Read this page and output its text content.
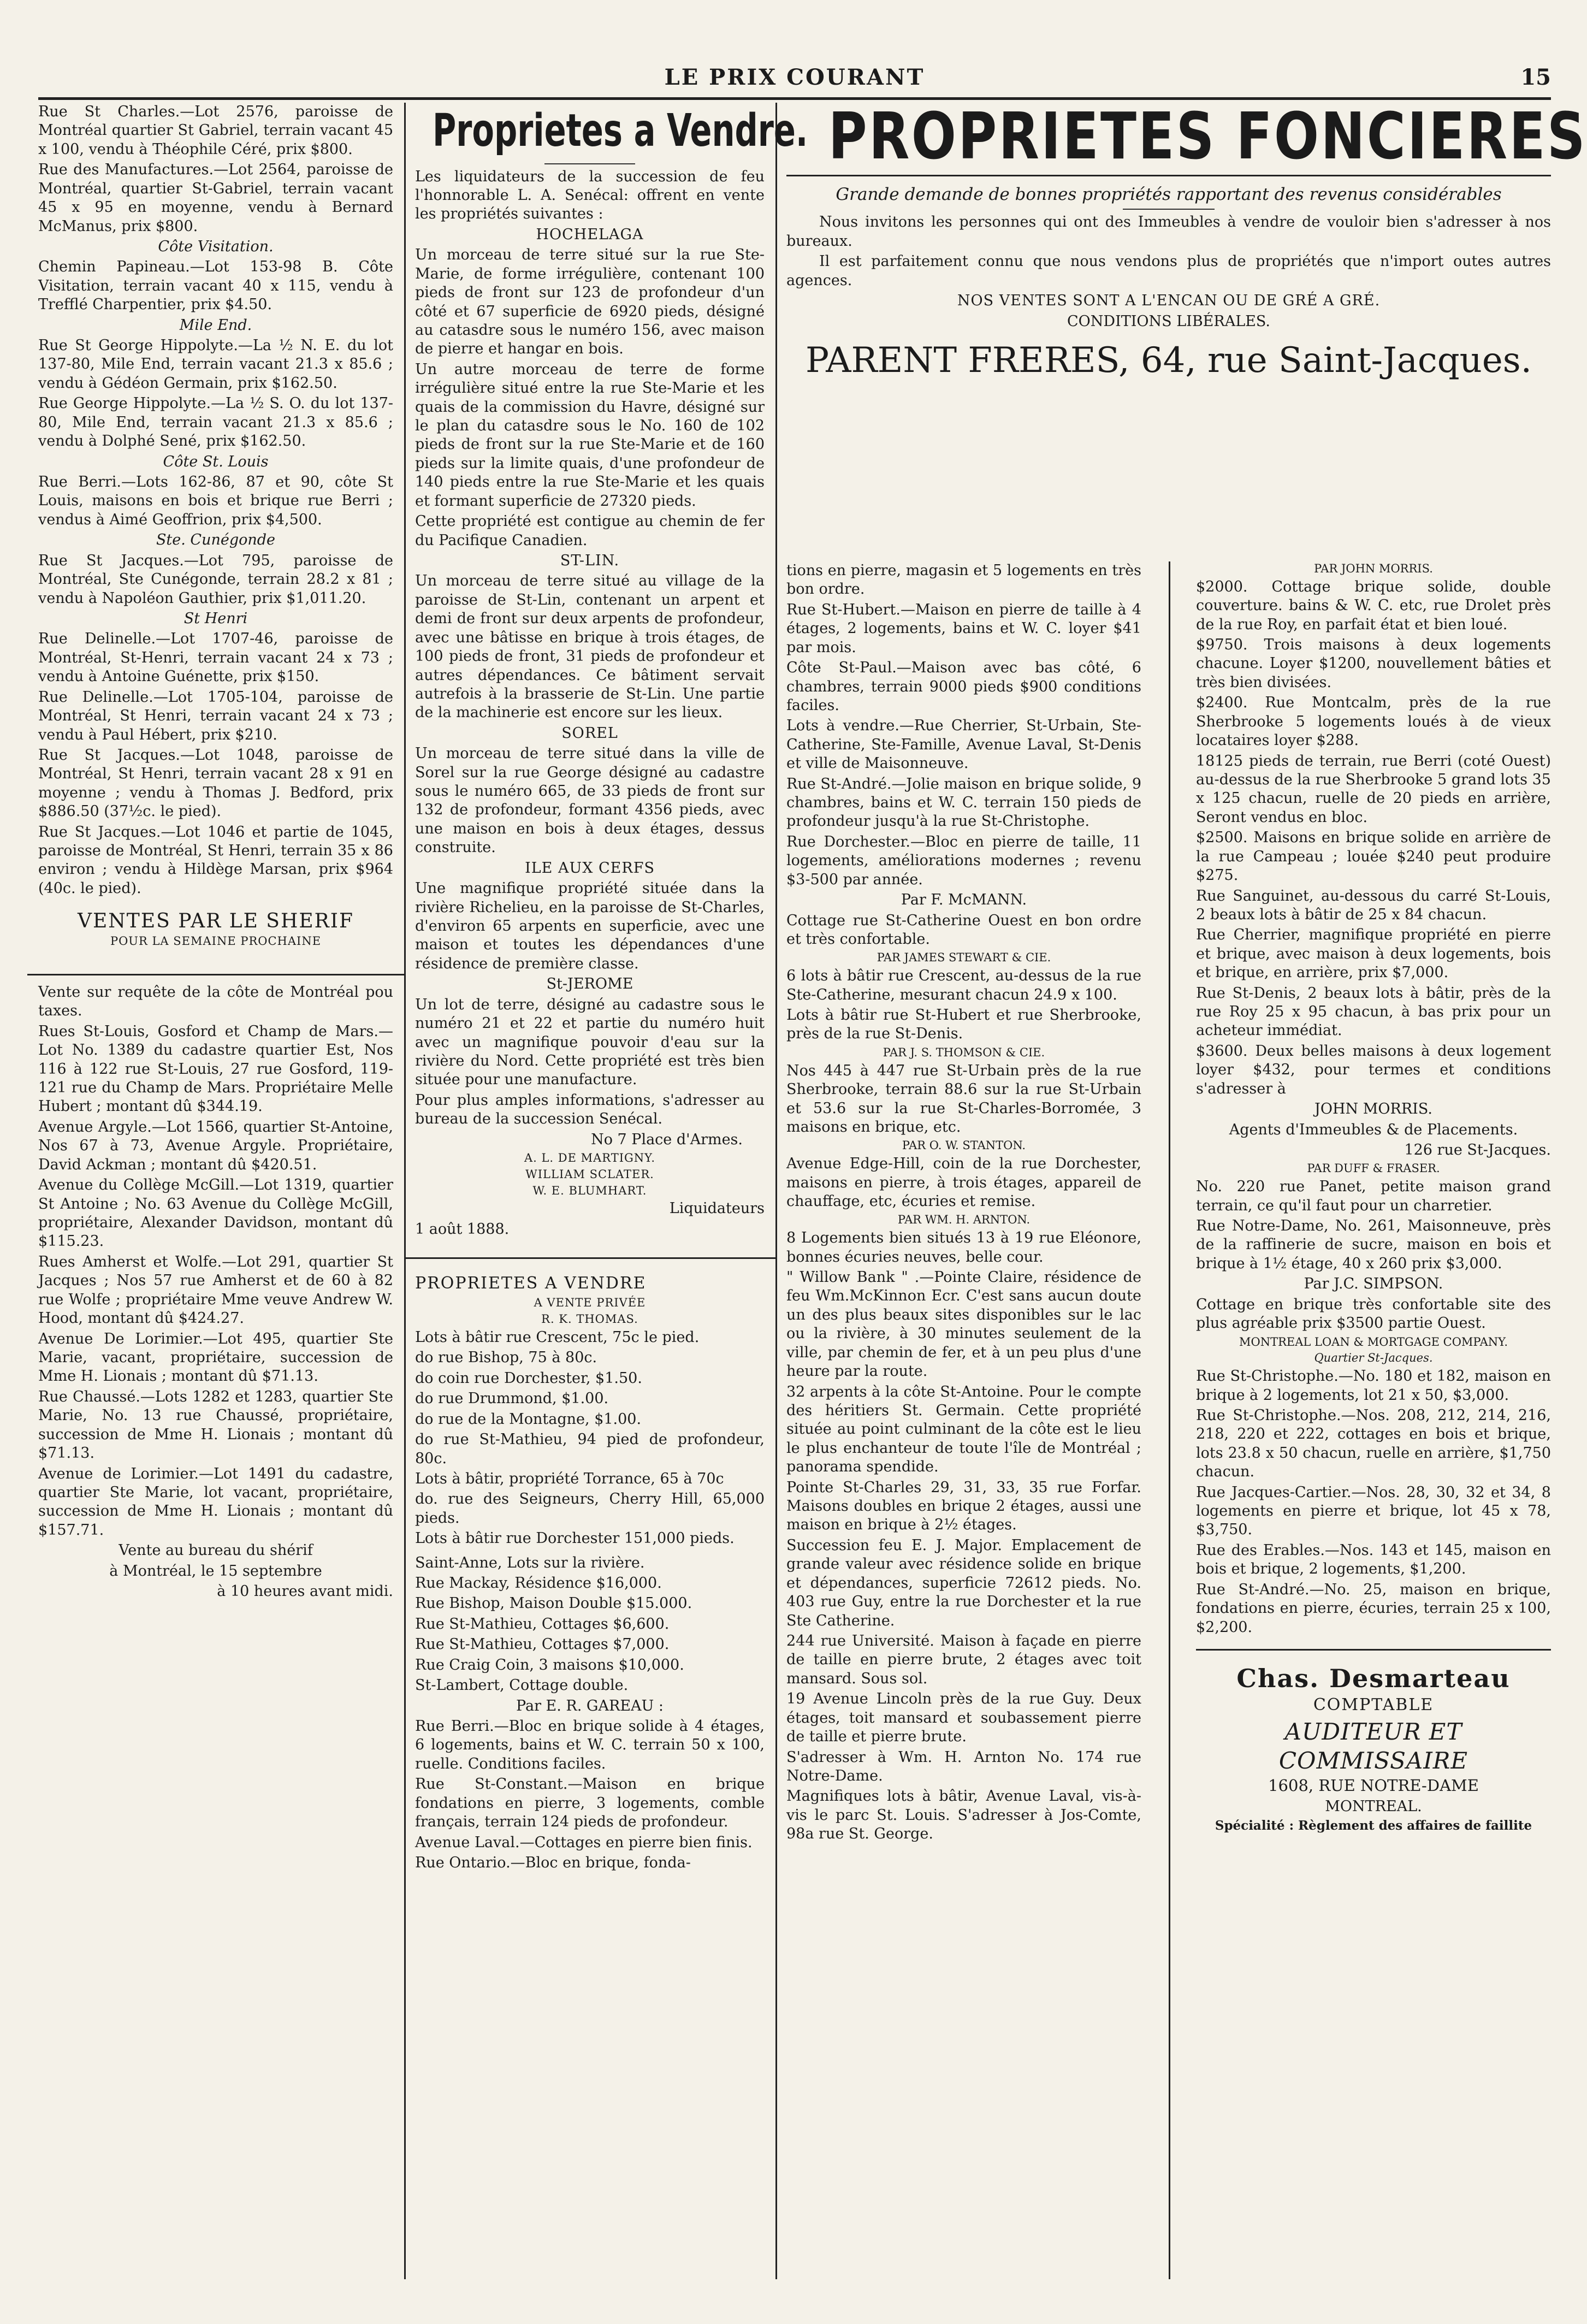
LE PRIX COURANT	15

Rue St Charles.—Lot 2576, paroisse de Montréal quartier St Gabriel, terrain vacant 45 x 100, vendu à Théophile Céré, prix $800.

Rue des Manufactures.—Lot 2564, paroisse de Montréal, quartier St-Gabriel, terrain vacant 45 x 95 en moyenne, vendu à Bernard McManus, prix $800.

Côte Visitation.

Chemin Papineau.—Lot 153-98 B. Côte Visitation, terrain vacant 40 x 115, vendu à Trefflé Charpentier, prix $4.50.

Mile End.

Rue St George Hippolyte.—La ½ N. E. du lot 137-80, Mile End, terrain vacant 21.3 x 85.6 ; vendu à Gédéon Germain, prix $162.50.

Rue George Hippolyte.—La ½ S. O. du lot 137-80, Mile End, terrain vacant 21.3 x 85.6 ; vendu à Dolphé Sené, prix $162.50.

Côte St. Louis

Rue Berri.—Lots 162-86, 87 et 90, côte St Louis, maisons en bois et brique rue Berri ; vendus à Aimé Geoffrion, prix $4,500.

Ste. Cunégonde

Rue St Jacques.—Lot 795, paroisse de Montréal, Ste Cunégonde, terrain 28.2 x 81 ; vendu à Napoléon Gauthier, prix $1,011.20.

St Henri

Rue Delinelle.—Lot 1707-46, paroisse de Montréal, St-Henri, terrain vacant 24 x 73 ; vendu à Antoine Guénette, prix $150.

Rue Delinelle.—Lot 1705-104, paroisse de Montréal, St Henri, terrain vacant 24 x 73 ; vendu à Paul Hébert, prix $210.

Rue St Jacques.—Lot 1048, paroisse de Montréal, St Henri, terrain vacant 28 x 91 en moyenne ; vendu à Thomas J. Bedford, prix $886.50 (37½c. le pied).

Rue St Jacques.—Lot 1046 et partie de 1045, paroisse de Montréal, St Henri, terrain 35 x 86 environ ; vendu à Hildège Marsan, prix $964 (40c. le pied).

VENTES PAR LE SHERIF

POUR LA SEMAINE PROCHAINE

Vente sur requête de la côte de Montréal pou taxes.

Rues St-Louis, Gosford et Champ de Mars.—Lot No. 1389 du cadastre quartier Est, Nos 116 à 122 rue St-Louis, 27 rue Gosford, 119-121 rue du Champ de Mars. Propriétaire Melle Hubert ; montant dû $344.19.

Avenue Argyle.—Lot 1566, quartier St-Antoine, Nos 67 à 73, Avenue Argyle. Propriétaire, David Ackman ; montant dû $420.51.

Avenue du Collège McGill.—Lot 1319, quartier St Antoine ; No. 63 Avenue du Collège McGill, propriétaire, Alexander Davidson, montant dû $115.23.

Rues Amherst et Wolfe.—Lot 291, quartier St Jacques ; Nos 57 rue Amherst et de 60 à 82 rue Wolfe ; propriétaire Mme veuve Andrew W. Hood, montant dû $424.27.

Avenue De Lorimier.—Lot 495, quartier Ste Marie, vacant, propriétaire, succession de Mme H. Lionais ; montant dû $71.13.

Rue Chaussé.—Lots 1282 et 1283, quartier Ste Marie, No. 13 rue Chaussé, propriétaire, succession de Mme H. Lionais ; montant dû $71.13.

Avenue de Lorimier.—Lot 1491 du cadastre, quartier Ste Marie, lot vacant, propriétaire, succession de Mme H. Lionais ; montant dû $157.71.

Vente au bureau du shérif

à Montréal, le 15 septembre

à 10 heures avant midi.

Proprietes a Vendre.

Les liquidateurs de la succession de feu l'honnorable L. A. Senécal: offrent en vente les propriétés suivantes :

HOCHELAGA

Un morceau de terre situé sur la rue Ste-Marie, de forme irrégulière, contenant 100 pieds de front sur 123 de profondeur d'un côté et 67 superficie de 6920 pieds, désigné au catasdre sous le numéro 156, avec maison de pierre et hangar en bois.

Un autre morceau de terre de forme irrégulière situé entre la rue Ste-Marie et les quais de la commission du Havre, désigné sur le plan du catasdre sous le No. 160 de 102 pieds de front sur la rue Ste-Marie et de 160 pieds sur la limite quais, d'une profondeur de 140 pieds entre la rue Ste-Marie et les quais et formant superficie de 27320 pieds.

Cette propriété est contigue au chemin de fer du Pacifique Canadien.

ST-LIN.

Un morceau de terre situé au village de la paroisse de St-Lin, contenant un arpent et demi de front sur deux arpents de profondeur, avec une bâtisse en brique à trois étages, de 100 pieds de front, 31 pieds de profondeur et autres dépendances. Ce bâtiment servait autrefois à la brasserie de St-Lin. Une partie de la machinerie est encore sur les lieux.

SOREL

Un morceau de terre situé dans la ville de Sorel sur la rue George désigné au cadastre sous le numéro 665, de 33 pieds de front sur 132 de profondeur, formant 4356 pieds, avec une maison en bois à deux étages, dessus construite.

ILE AUX CERFS

Une magnifique propriété située dans la rivière Richelieu, en la paroisse de St-Charles, d'environ 65 arpents en superficie, avec une maison et toutes les dépendances d'une résidence de première classe.

St-JEROME

Un lot de terre, désigné au cadastre sous le numéro 21 et 22 et partie du numéro huit avec un magnifique pouvoir d'eau sur la rivière du Nord. Cette propriété est très bien située pour une manufacture.

Pour plus amples informations, s'adresser au bureau de la succession Senécal.

No 7 Place d'Armes.

A. L. DE MARTIGNY.

WILLIAM SCLATER.

W. E. BLUMHART.

Liquidateurs

1 août 1888.

PROPRIETES A VENDRE

A VENTE PRIVÉE

R. K. THOMAS.

Lots à bâtir rue Crescent, 75c le pied.

do rue Bishop, 75 à 80c.

do coin rue Dorchester, $1.50.

do rue Drummond, $1.00.

do rue de la Montagne, $1.00.

do rue St-Mathieu, 94 pied de profondeur, 80c.

Lots à bâtir, propriété Torrance, 65 à 70c

do. rue des Seigneurs, Cherry Hill, 65,000 pieds.

Lots à bâtir rue Dorchester 151,000 pieds.

Saint-Anne, Lots sur la rivière.

Rue Mackay, Résidence $16,000.

Rue Bishop, Maison Double $15.000.

Rue St-Mathieu, Cottages $6,600.

Rue St-Mathieu, Cottages $7,000.

Rue Craig Coin, 3 maisons $10,000.

St-Lambert, Cottage double.

Par E. R. GAREAU :

Rue Berri.—Bloc en brique solide à 4 étages, 6 logements, bains et W. C. terrain 50 x 100, ruelle. Conditions faciles.

Rue St-Constant.—Maison en brique fondations en pierre, 3 logements, comble français, terrain 124 pieds de profondeur.

Avenue Laval.—Cottages en pierre bien finis.

Rue Ontario.—Bloc en brique, fonda-

PROPRIETES FONCIERES

Grande demande de bonnes propriétés rapportant des revenus considérables

Nous invitons les personnes qui ont des Immeubles à vendre de vouloir bien s'adresser à nos bureaux.

Il est parfaitement connu que nous vendons plus de propriétés que n'import outes autres agences.

NOS VENTES SONT A L'ENCAN OU DE GRÉ A GRÉ.

CONDITIONS LIBÉRALES.

PARENT FRERES, 64, rue Saint-Jacques.

tions en pierre, magasin et 5 logements en très bon ordre.

Rue St-Hubert.—Maison en pierre de taille à 4 étages, 2 logements, bains et W. C. loyer $41 par mois.

Côte St-Paul.—Maison avec bas côté, 6 chambres, terrain 9000 pieds $900 conditions faciles.

Lots à vendre.—Rue Cherrier, St-Urbain, Ste-Catherine, Ste-Famille, Avenue Laval, St-Denis et ville de Maisonneuve.

Rue St-André.—Jolie maison en brique solide, 9 chambres, bains et W. C. terrain 150 pieds de profondeur jusqu'à la rue St-Christophe.

Rue Dorchester.—Bloc en pierre de taille, 11 logements, améliorations modernes ; revenu $3-500 par année.

Par F. McMANN.

Cottage rue St-Catherine Ouest en bon ordre et très confortable.

PAR JAMES STEWART & CIE.

6 lots à bâtir rue Crescent, au-dessus de la rue Ste-Catherine, mesurant chacun 24.9 x 100.

Lots à bâtir rue St-Hubert et rue Sherbrooke, près de la rue St-Denis.

PAR J. S. THOMSON & CIE.

Nos 445 à 447 rue St-Urbain près de la rue Sherbrooke, terrain 88.6 sur la rue St-Urbain et 53.6 sur la rue St-Charles-Borromée, 3 maisons en brique, etc.

PAR O. W. STANTON.

Avenue Edge-Hill, coin de la rue Dorchester, maisons en pierre, à trois étages, appareil de chauffage, etc, écuries et remise.

PAR WM. H. ARNTON.

8 Logements bien situés 13 à 19 rue Eléonore, bonnes écuries neuves, belle cour.

" Willow Bank " .—Pointe Claire, résidence de feu Wm.McKinnon Ecr. C'est sans aucun doute un des plus beaux sites disponibles sur le lac ou la rivière, à 30 minutes seulement de la ville, par chemin de fer, et à un peu plus d'une heure par la route.

32 arpents à la côte St-Antoine. Pour le compte des héritiers St. Germain. Cette propriété située au point culminant de la côte est le lieu le plus enchanteur de toute l'île de Montréal ; panorama spendide.

Pointe St-Charles 29, 31, 33, 35 rue Forfar. Maisons doubles en brique 2 étages, aussi une maison en brique à 2½ étages.

Succession feu E. J. Major. Emplacement de grande valeur avec résidence solide en brique et dépendances, superficie 72612 pieds. No. 403 rue Guy, entre la rue Dorchester et la rue Ste Catherine.

244 rue Université. Maison à façade en pierre de taille en pierre brute, 2 étages avec toit mansard. Sous sol.

19 Avenue Lincoln près de la rue Guy. Deux étages, toit mansard et soubassement pierre de taille et pierre brute.

S'adresser à Wm. H. Arnton No. 174 rue Notre-Dame.

Magnifiques lots à bâtir, Avenue Laval, vis-à-vis le parc St. Louis. S'adresser à Jos-Comte, 98a rue St. George.

PAR JOHN MORRIS.

$2000. Cottage brique solide, double couverture. bains & W. C. etc, rue Drolet près de la rue Roy, en parfait état et bien loué.

$9750. Trois maisons à deux logements chacune. Loyer $1200, nouvellement bâties et très bien divisées.

$2400. Rue Montcalm, près de la rue Sherbrooke 5 logements loués à de vieux locataires loyer $288.

18125 pieds de terrain, rue Berri (coté Ouest) au-dessus de la rue Sherbrooke 5 grand lots 35 x 125 chacun, ruelle de 20 pieds en arrière, Seront vendus en bloc.

$2500. Maisons en brique solide en arrière de la rue Campeau ; louée $240 peut produire $275.

Rue Sanguinet, au-dessous du carré St-Louis, 2 beaux lots à bâtir de 25 x 84 chacun.

Rue Cherrier, magnifique propriété en pierre et brique, avec maison à deux logements, bois et brique, en arrière, prix $7,000.

Rue St-Denis, 2 beaux lots à bâtir, près de la rue Roy 25 x 95 chacun, à bas prix pour un acheteur immédiat.

$3600. Deux belles maisons à deux logement loyer $432, pour termes et conditions s'adresser à

JOHN MORRIS.

Agents d'Immeubles & de Placements.

126 rue St-Jacques.

PAR DUFF & FRASER.

No. 220 rue Panet, petite maison grand terrain, ce qu'il faut pour un charretier.

Rue Notre-Dame, No. 261, Maisonneuve, près de la raffinerie de sucre, maison en bois et brique à 1½ étage, 40 x 260 prix $3,000.

Par J.C. SIMPSON.

Cottage en brique très confortable site des plus agréable prix $3500 partie Ouest.

MONTREAL LOAN & MORTGAGE COMPANY.

Quartier St-Jacques.

Rue St-Christophe.—No. 180 et 182, maison en brique à 2 logements, lot 21 x 50, $3,000.

Rue St-Christophe.—Nos. 208, 212, 214, 216, 218, 220 et 222, cottages en bois et brique, lots 23.8 x 50 chacun, ruelle en arrière, $1,750 chacun.

Rue Jacques-Cartier.—Nos. 28, 30, 32 et 34, 8 logements en pierre et brique, lot 45 x 78, $3,750.

Rue des Erables.—Nos. 143 et 145, maison en bois et brique, 2 logements, $1,200.

Rue St-André.—No. 25, maison en brique, fondations en pierre, écuries, terrain 25 x 100, $2,200.

Chas. Desmarteau

COMPTABLE

AUDITEUR ET COMMISSAIRE

1608, RUE NOTRE-DAME

MONTREAL.

Spécialité : Règlement des affaires de faillite
